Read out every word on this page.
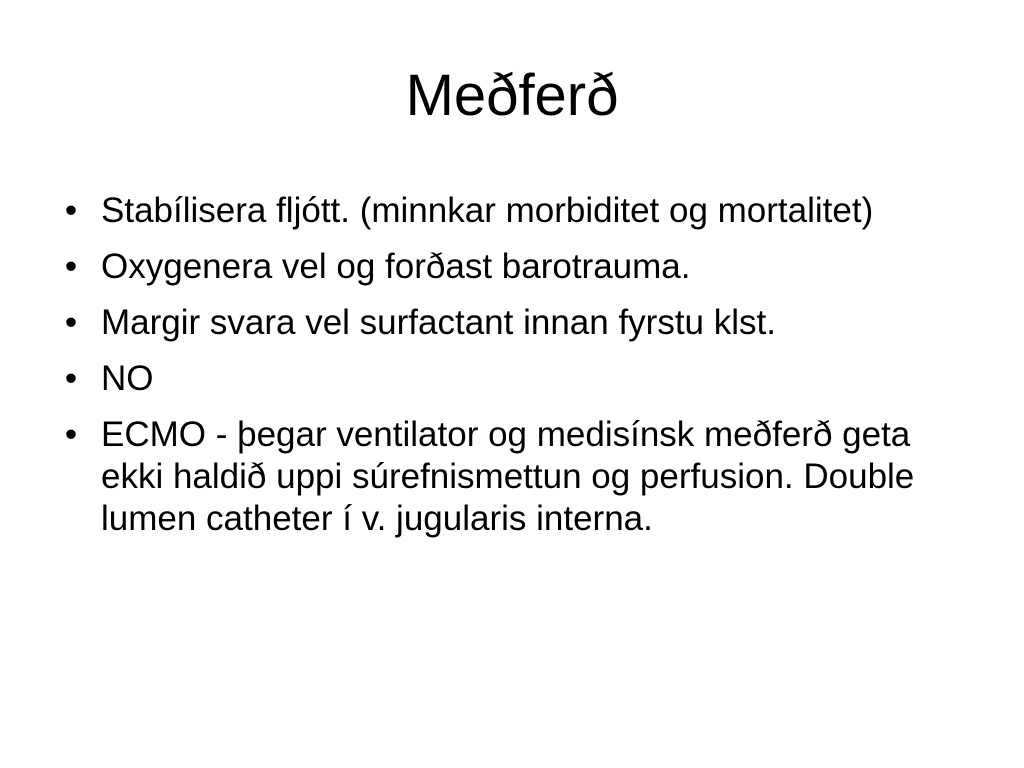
Meðferð
• Stabílisera fljótt. (minnkar morbiditet og mortalitet)
• Oxygenera vel og forðast barotrauma.
• Margir svara vel surfactant innan fyrstu klst.
• NO
• ECMO - þegar ventilator og medisínsk meðferð geta ekki haldið uppi súrefnismettun og perfusion. Double lumen catheter í v. jugularis interna.
